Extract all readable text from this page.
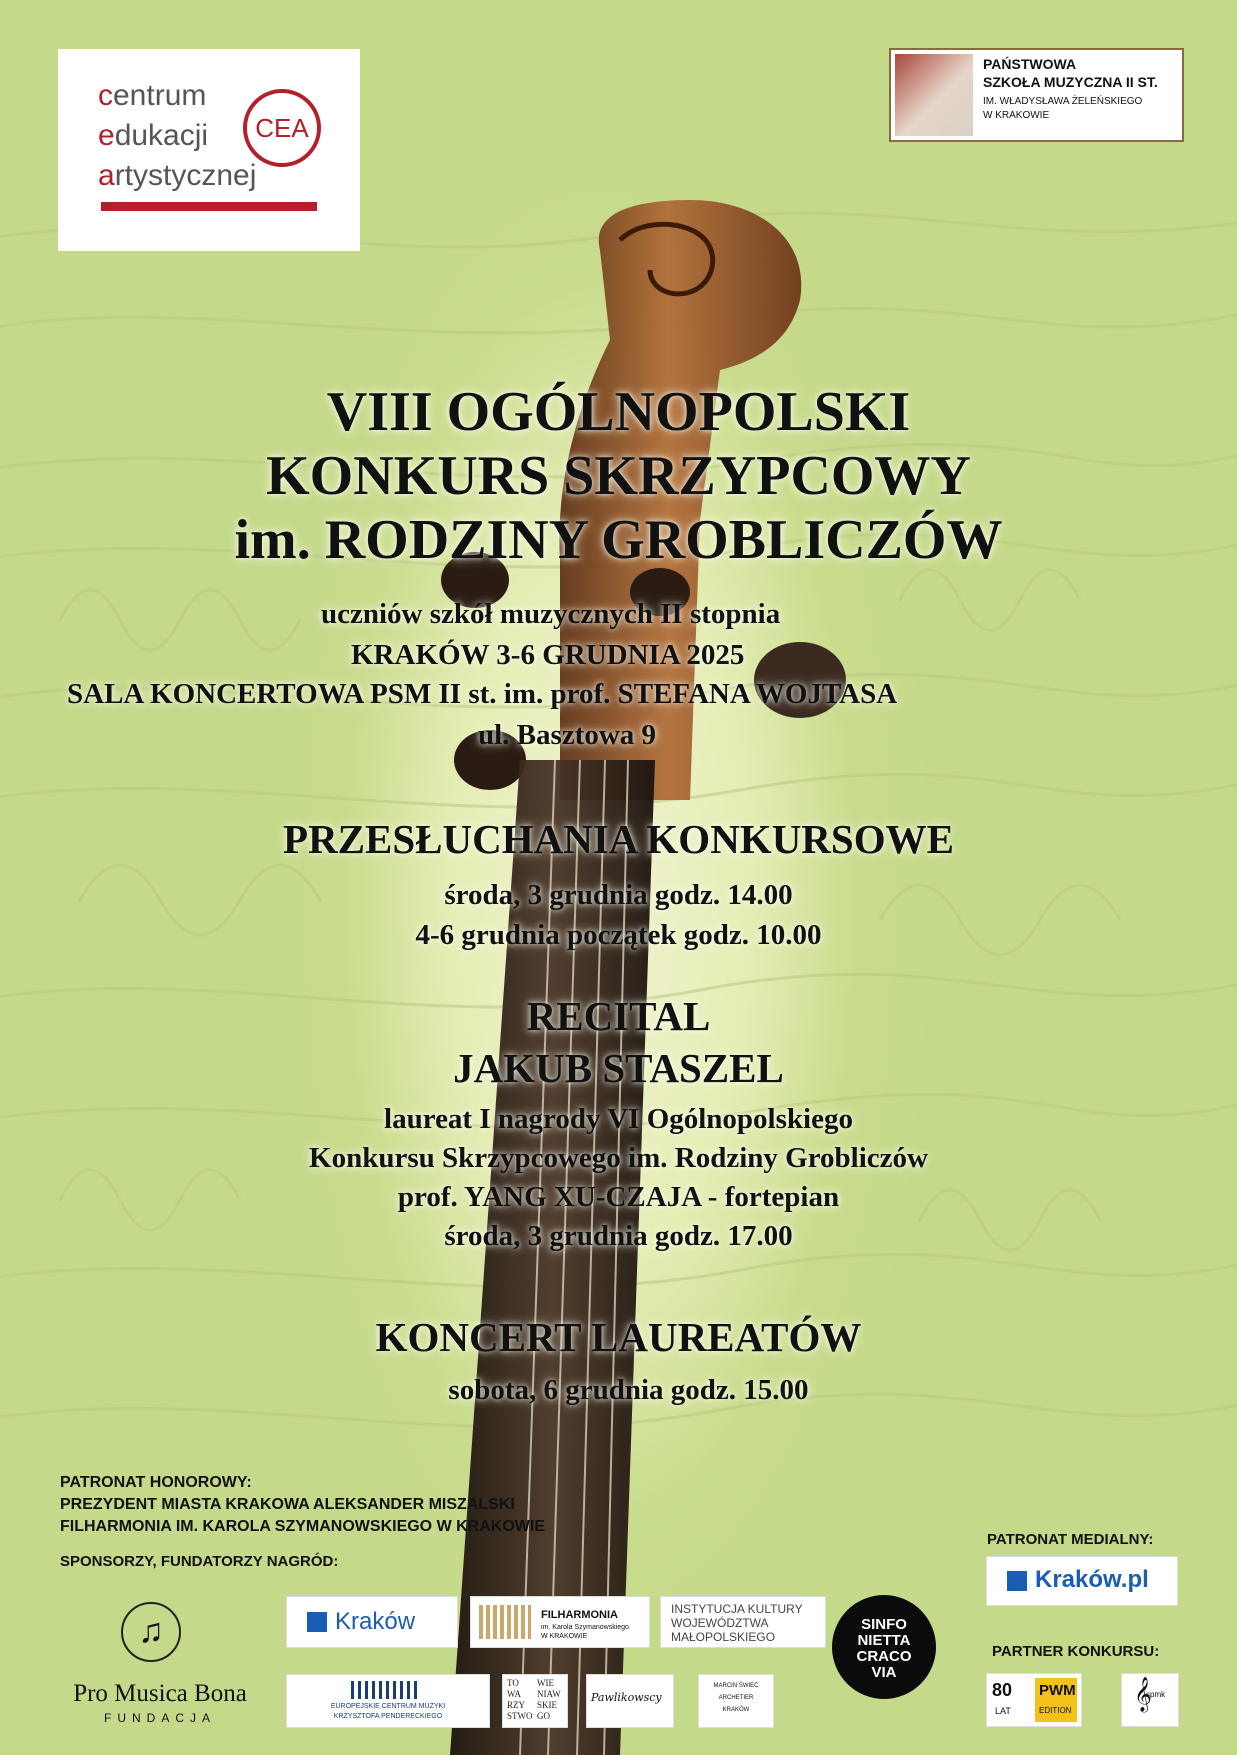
centrum
edukacji
artystycznej
CEA
PAŃSTWOWA
SZKOŁA MUZYCZNA II ST.
IM. WŁADYSŁAWA ŻELEŃSKIEGO
W KRAKOWIE
VIII OGÓLNOPOLSKI
KONKURS SKRZYPCOWY
im. RODZINY GROBLICZÓW
uczniów szkół muzycznych II stopnia
KRAKÓW 3-6 GRUDNIA 2025
SALA KONCERTOWA PSM II st. im. prof. STEFANA WOJTASA
ul. Basztowa 9
PRZESŁUCHANIA KONKURSOWE
środa, 3 grudnia godz. 14.00
4-6 grudnia początek godz. 10.00
RECITAL
JAKUB STASZEL
laureat I nagrody VI Ogólnopolskiego
Konkursu Skrzypcowego im. Rodziny Grobliczów
prof. YANG XU-CZAJA - fortepian
środa, 3 grudnia godz. 17.00
KONCERT LAUREATÓW
sobota, 6 grudnia godz. 15.00
PATRONAT HONOROWY:
PREZYDENT MIASTA KRAKOWA ALEKSANDER MISZALSKI
FILHARMONIA IM. KAROLA SZYMANOWSKIEGO W KRAKOWIE
SPONSORZY, FUNDATORZY NAGRÓD:
PATRONAT MEDIALNY:
Kraków.pl
PARTNER KONKURSU:
80
LAT
PWM
EDITION 𝄞
spmk
♫
Pro Musica Bona
FUNDACJA
Kraków	FILHARMONIA
im. Karola Szymanowskiego
W KRAKOWIE
INSTYTUCJA KULTURY
WOJEWÓDZTWA
MAŁOPOLSKIEGO
SINFO
NIETTA
CRACO
VIA
EUROPEJSKIE CENTRUM MUZYKI
KRZYSZTOFA PENDERECKIEGO
TO
WA
RZY
STWO
WIE
NIAW
SKIE
GO
Pawlikowscy
MARCIN ŚWIEĆ
ARCHETIER
KRAKÓW
